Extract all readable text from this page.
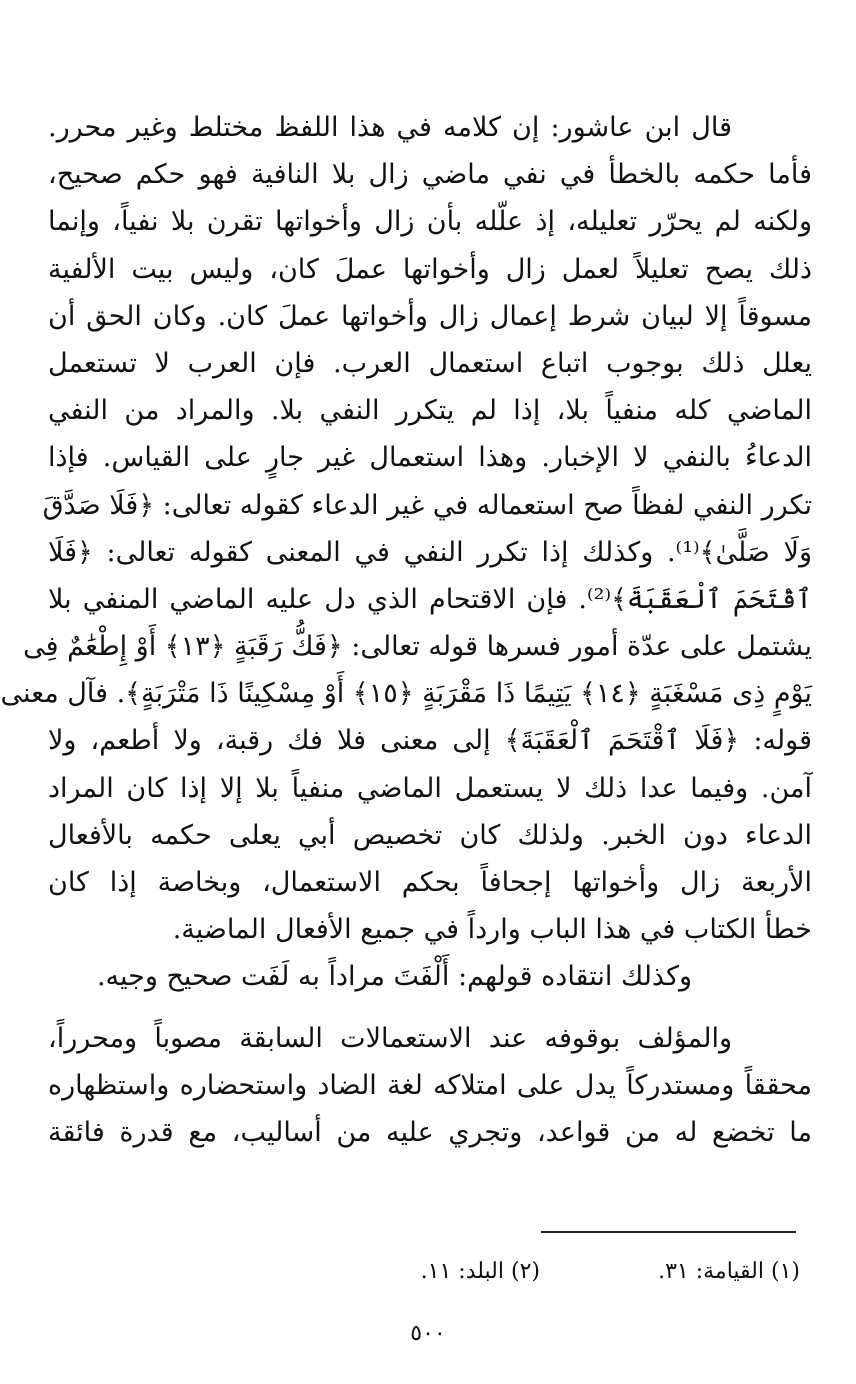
قال ابن عاشور: إن كلامه في هذا اللفظ مختلط وغير محرر.
فأما حكمه بالخطأ في نفي ماضي زال بلا النافية فهو حكم صحيح،
ولكنه لم يحرّر تعليله، إذ علّله بأن زال وأخواتها تقرن بلا نفياً، وإنما
ذلك يصح تعليلاً لعمل زال وأخواتها عملَ كان، وليس بيت الألفية
مسوقاً إلا لبيان شرط إعمال زال وأخواتها عملَ كان. وكان الحق أن
يعلل ذلك بوجوب اتباع استعمال العرب. فإن العرب لا تستعمل
الماضي كله منفياً بلا، إذا لم يتكرر النفي بلا. والمراد من النفي
الدعاءُ بالنفي لا الإخبار. وهذا استعمال غير جارٍ على القياس. فإذا
تكرر النفي لفظاً صح استعماله في غير الدعاء كقوله تعالى: ﴿فَلَا صَدَّقَ
وَلَا صَلَّىٰ﴾⁽¹⁾. وكذلك إذا تكرر النفي في المعنى كقوله تعالى: ﴿فَلَا
ٱقْتَحَمَ ٱلْعَقَبَةَ﴾⁽²⁾. فإن الاقتحام الذي دل عليه الماضي المنفي بلا
يشتمل على عدّة أمور فسرها قوله تعالى: ﴿فَكُّ رَقَبَةٍ ﴿١٣﴾ أَوْ إِطْعَٰمٌ فِى
يَوْمٍ ذِى مَسْغَبَةٍ ﴿١٤﴾ يَتِيمًا ذَا مَقْرَبَةٍ ﴿١٥﴾ أَوْ مِسْكِينًا ذَا مَتْرَبَةٍ﴾. فآل معنى
قوله: ﴿فَلَا ٱقْتَحَمَ ٱلْعَقَبَةَ﴾ إلى معنى فلا فك رقبة، ولا أطعم، ولا
آمن. وفيما عدا ذلك لا يستعمل الماضي منفياً بلا إلا إذا كان المراد
الدعاء دون الخبر. ولذلك كان تخصيص أبي يعلى حكمه بالأفعال
الأربعة زال وأخواتها إجحافاً بحكم الاستعمال، وبخاصة إذا كان
خطأ الكتاب في هذا الباب وارداً في جميع الأفعال الماضية.
وكذلك انتقاده قولهم: أَلْفَتَ مراداً به لَفَت صحيح وجيه.
والمؤلف بوقوفه عند الاستعمالات السابقة مصوباً ومحرراً،
محققاً ومستدركاً يدل على امتلاكه لغة الضاد واستحضاره واستظهاره
ما تخضع له من قواعد، وتجري عليه من أساليب، مع قدرة فائقة
(١) القيامة: ٣١.
(٢) البلد: ١١.
٥٠٠
